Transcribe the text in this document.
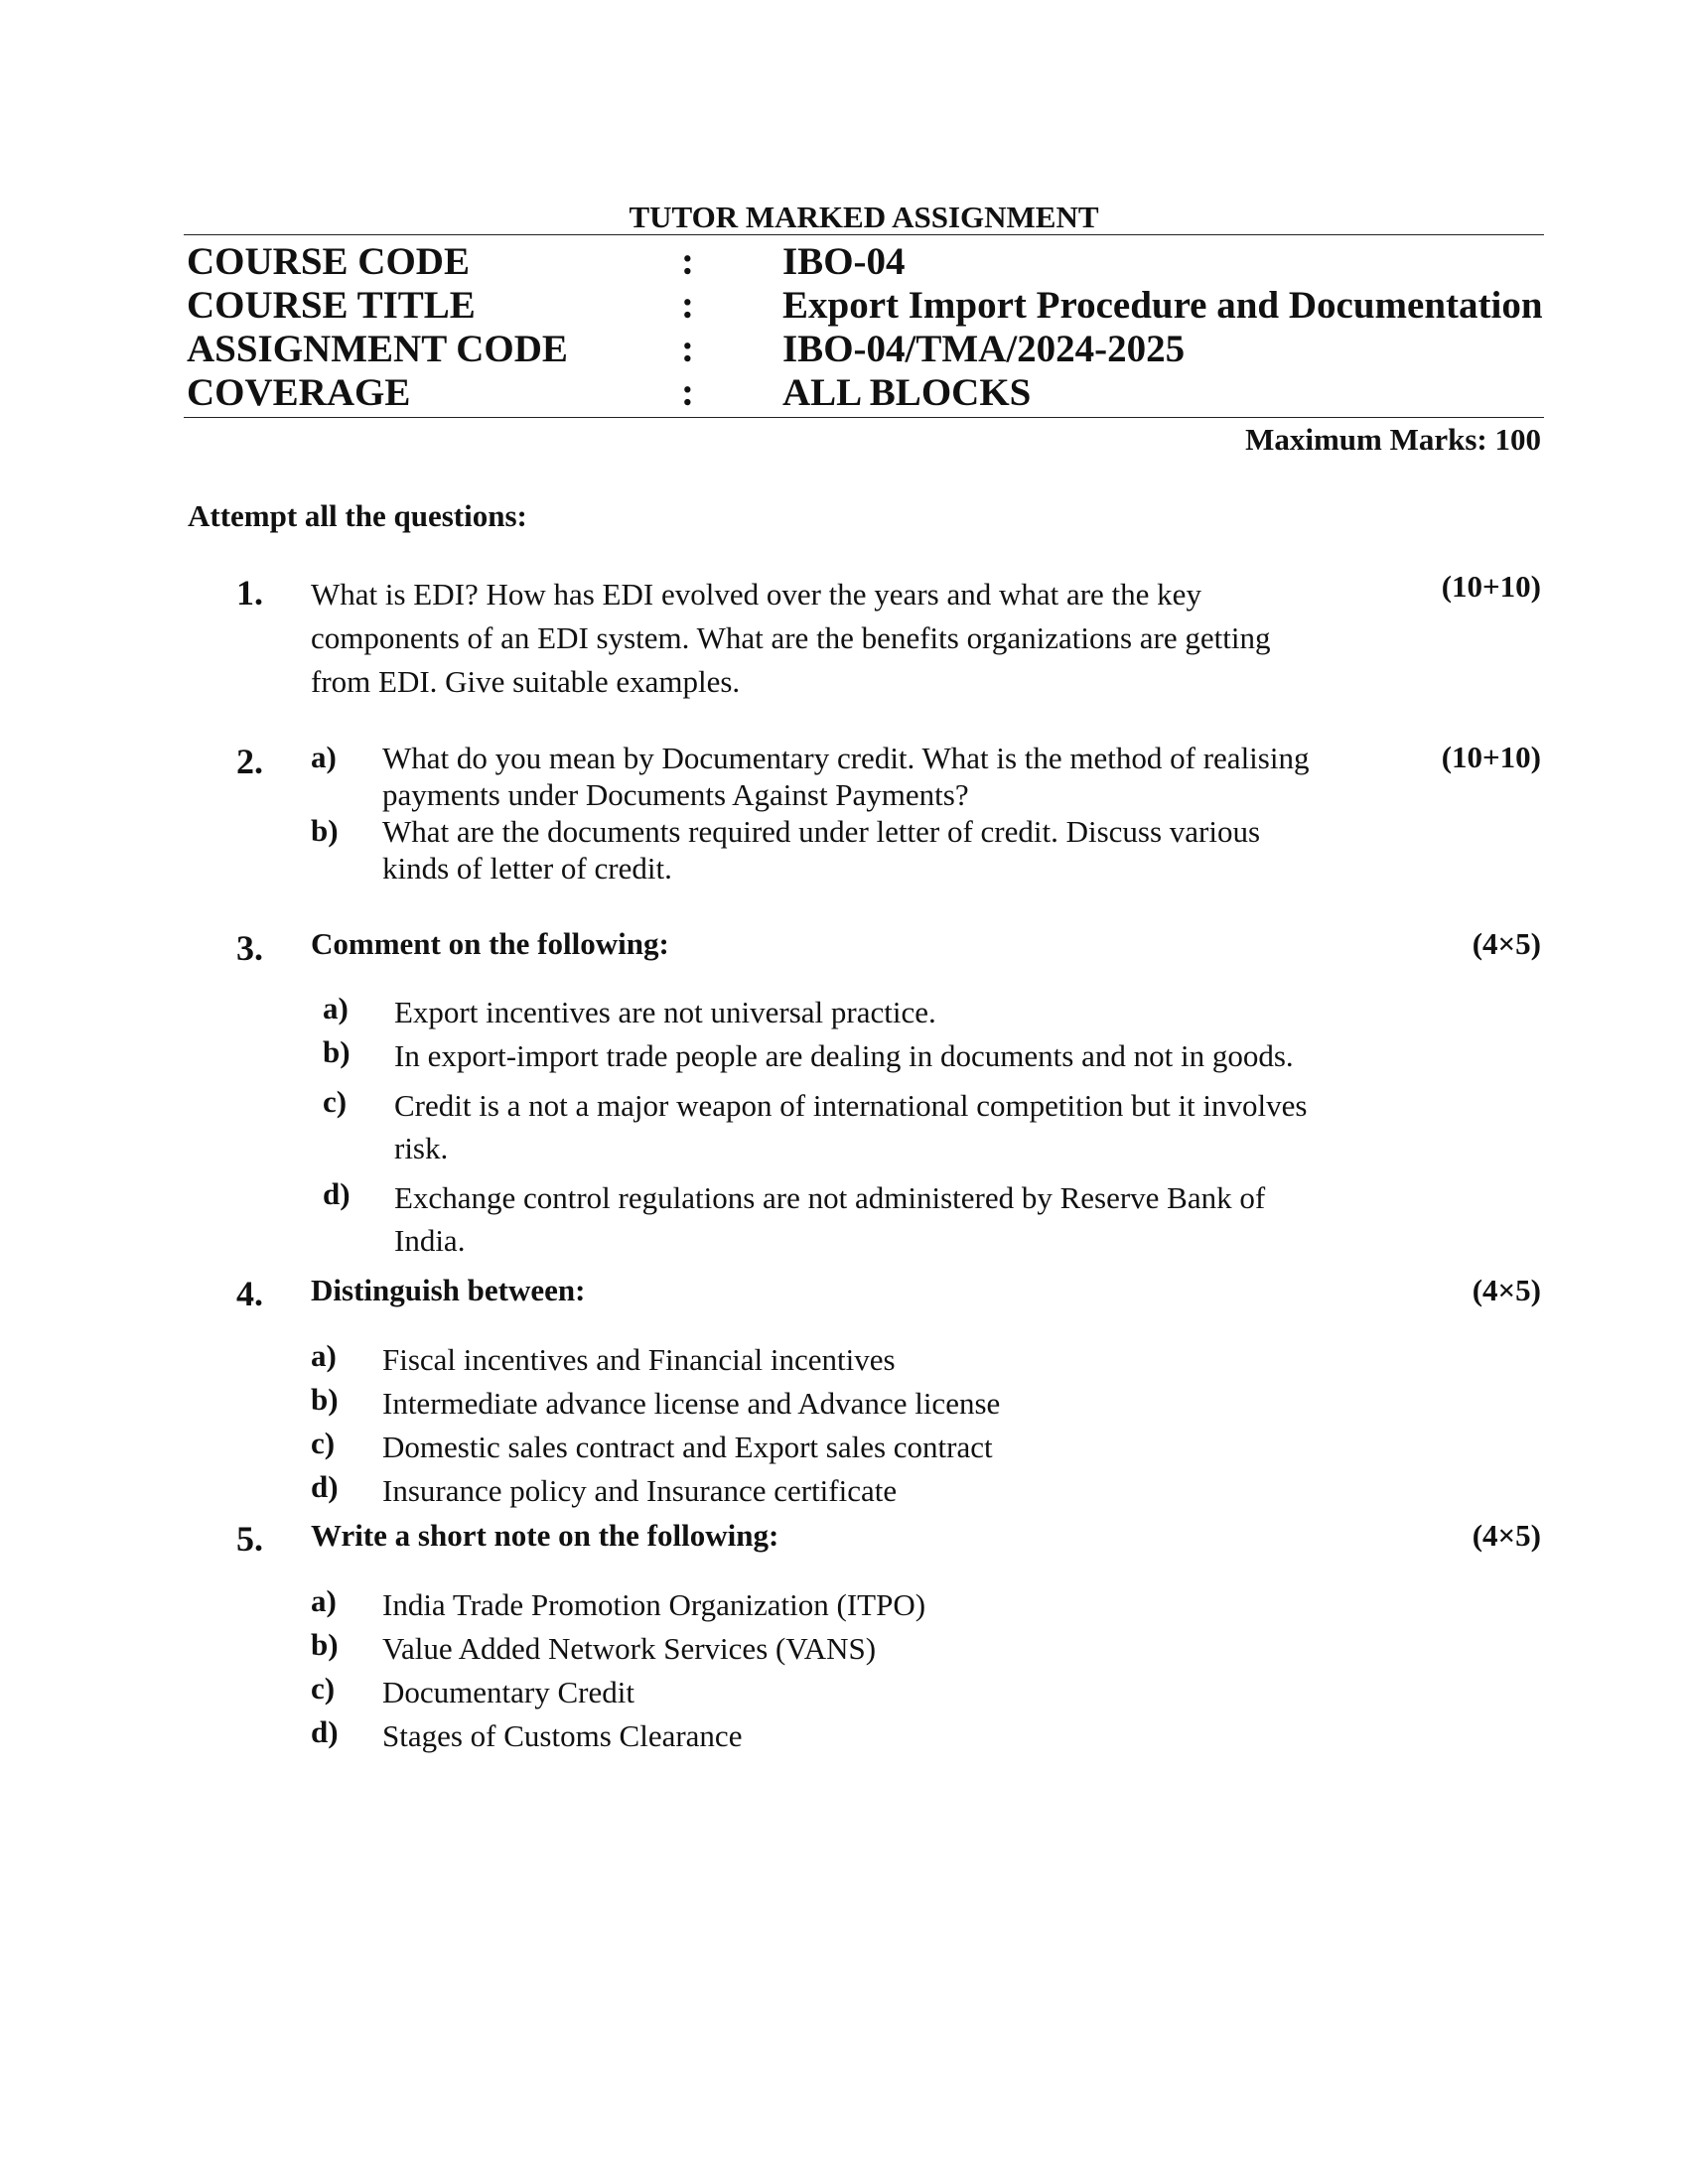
TUTOR MARKED ASSIGNMENT
COURSE CODE	: IBO-04
COURSE TITLE	: Export Import Procedure and Documentation
ASSIGNMENT CODE	: IBO-04/TMA/2024-2025
COVERAGE	: ALL BLOCKS
Maximum Marks: 100
Attempt all the questions:
1.	(10+10)
What is EDI? How has EDI evolved over the years and what are the key
components of an EDI system. What are the benefits organizations are getting
from EDI. Give suitable examples.
2.	(10+10)
a) What do you mean by Documentary credit. What is the method of realising
payments under Documents Against Payments?
b) What are the documents required under letter of credit. Discuss various
kinds of letter of credit.
3.	(4×5)
Comment on the following:
a) Export incentives are not universal practice.
b) In export-import trade people are dealing in documents and not in goods.
c) Credit is a not a major weapon of international competition but it involves
risk.
d) Exchange control regulations are not administered by Reserve Bank of
India.
4.	(4×5)
Distinguish between:
a) Fiscal incentives and Financial incentives
b) Intermediate advance license and Advance license
c) Domestic sales contract and Export sales contract
d) Insurance policy and Insurance certificate
5.	(4×5)
Write a short note on the following:
a) India Trade Promotion Organization (ITPO)
b) Value Added Network Services (VANS)
c) Documentary Credit
d) Stages of Customs Clearance
